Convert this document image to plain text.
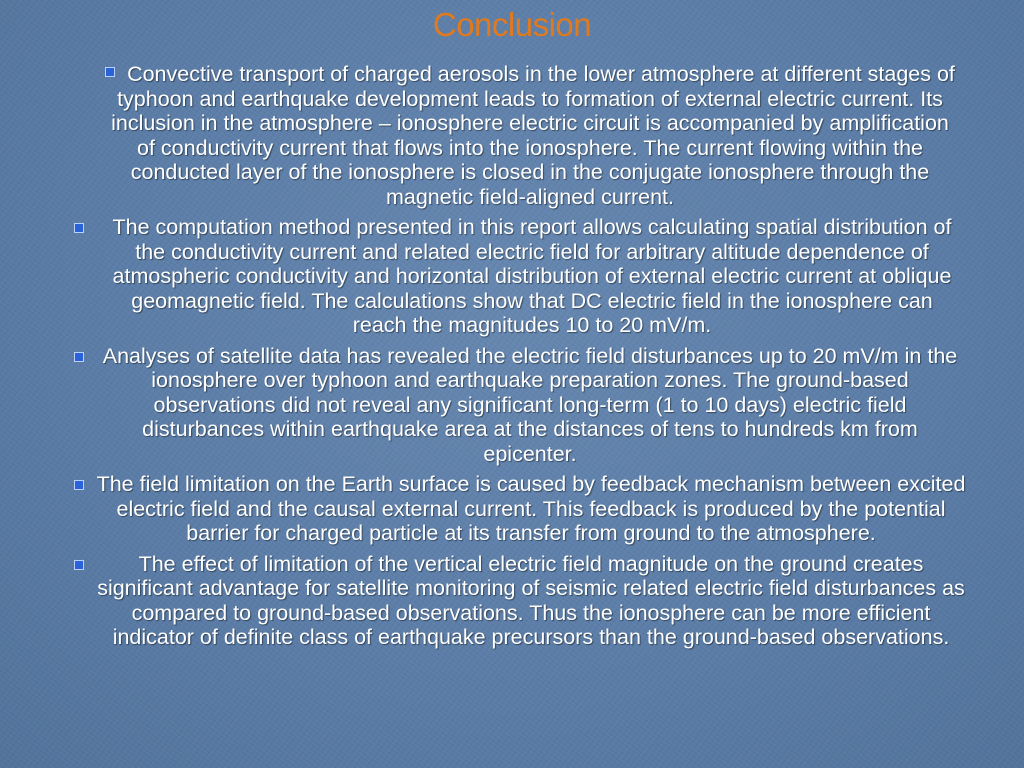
Conclusion
Convective transport of charged aerosols in the lower atmosphere at different stages of typhoon and earthquake development leads to formation of external electric current. Its inclusion in the atmosphere – ionosphere electric circuit is accompanied by amplification of conductivity current that flows into the ionosphere. The current flowing within the conducted layer of the ionosphere is closed in the conjugate ionosphere through the magnetic field-aligned current.
The computation method presented in this report allows calculating spatial distribution of the conductivity current and related electric field for arbitrary altitude dependence of atmospheric conductivity and horizontal distribution of external electric current at oblique geomagnetic field. The calculations show that DC electric field in the ionosphere can reach the magnitudes 10 to 20 mV/m.
Analyses of satellite data has revealed the electric field disturbances up to 20 mV/m in the ionosphere over typhoon and earthquake preparation zones. The ground-based observations did not reveal any significant long-term (1 to 10 days) electric field disturbances within earthquake area at the distances of tens to hundreds km from epicenter.
The field limitation on the Earth surface is caused by feedback mechanism between excited electric field and the causal external current. This feedback is produced by the potential barrier for charged particle at its transfer from ground to the atmosphere.
The effect of limitation of the vertical electric field magnitude on the ground creates significant advantage for satellite monitoring of seismic related electric field disturbances as compared to ground-based observations. Thus the ionosphere can be more efficient indicator of definite class of earthquake precursors than the ground-based observations.
